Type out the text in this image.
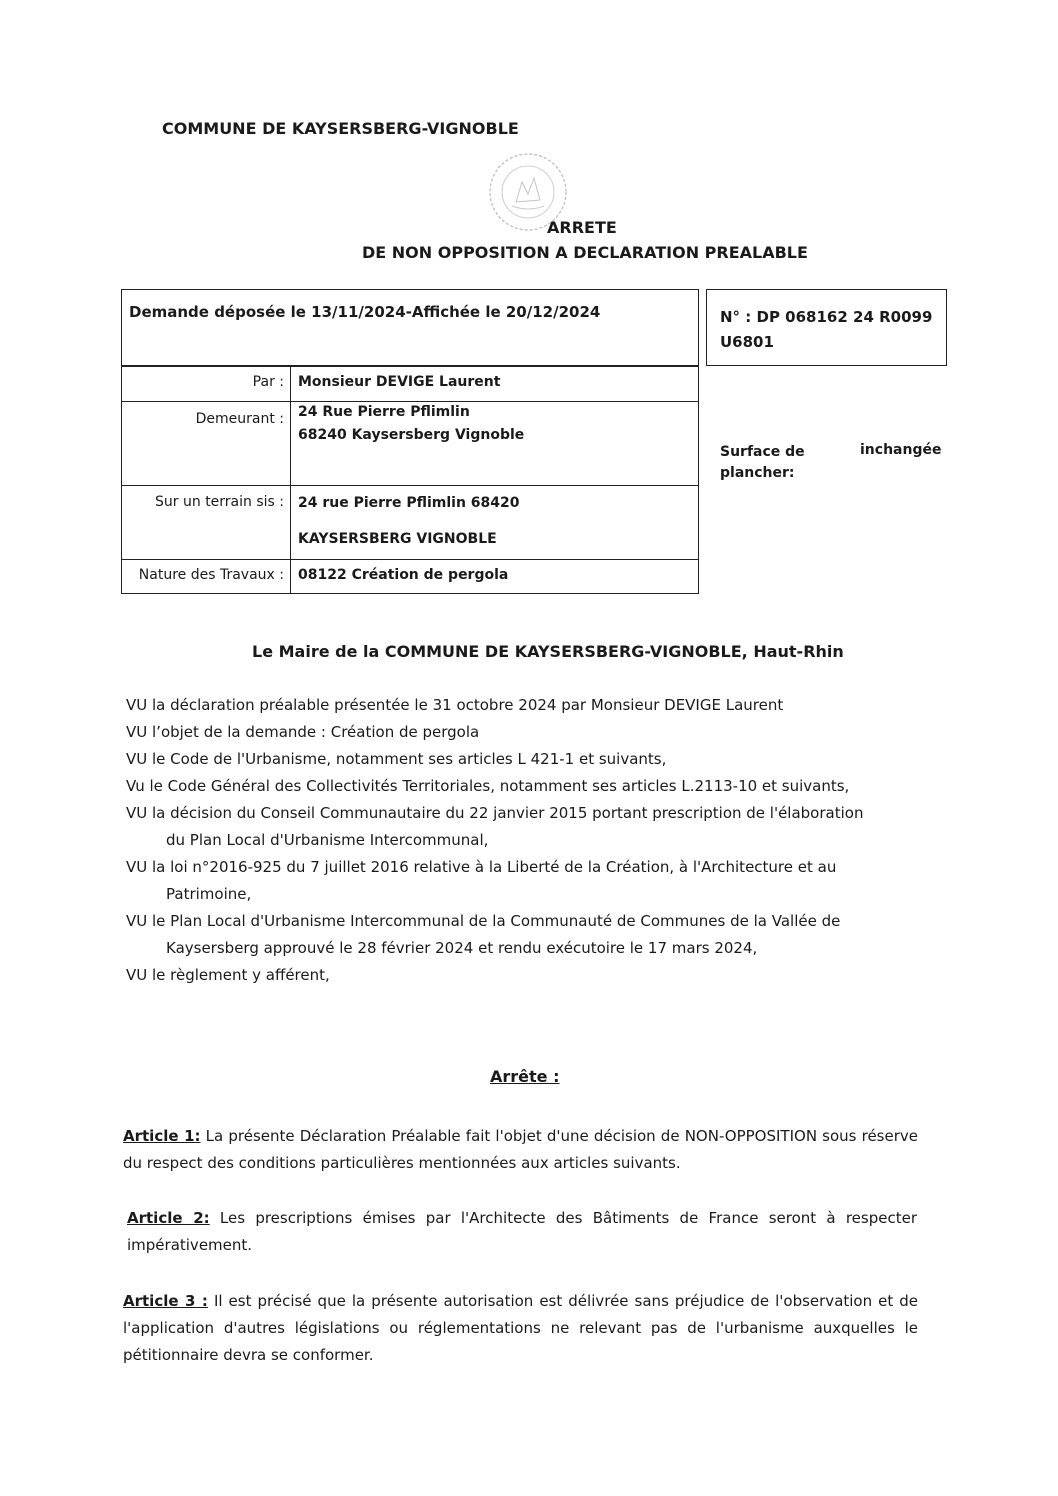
COMMUNE DE KAYSERSBERG-VIGNOBLE
ARRETE
DE NON OPPOSITION A DECLARATION PREALABLE
Demande déposée le 13/11/2024-Affichée le 20/12/2024	N° : DP 068162 24 R0099
U6801
Par : Monsieur DEVIGE Laurent
Demeurant : 24 Rue Pierre Pflimlin
68240 Kaysersberg Vignoble
Sur un terrain sis : 24 rue Pierre Pflimlin 68420
KAYSERSBERG VIGNOBLE
Nature des Travaux : 08122 Création de pergola
Surface de
plancher:
inchangée
Le Maire de la COMMUNE DE KAYSERSBERG-VIGNOBLE, Haut-Rhin

VU la déclaration préalable présentée le 31 octobre 2024 par Monsieur DEVIGE Laurent

VU l’objet de la demande : Création de pergola

VU le Code de l'Urbanisme, notamment ses articles L 421-1 et suivants,

Vu le Code Général des Collectivités Territoriales, notamment ses articles L.2113-10 et suivants,

VU la décision du Conseil Communautaire du 22 janvier 2015 portant prescription de l'élaboration

du Plan Local d'Urbanisme Intercommunal,

VU la loi n°2016-925 du 7 juillet 2016 relative à la Liberté de la Création, à l'Architecture et au

Patrimoine,

VU le Plan Local d'Urbanisme Intercommunal de la Communauté de Communes de la Vallée de

Kaysersberg approuvé le 28 février 2024 et rendu exécutoire le 17 mars 2024,

VU le règlement y afférent,

Arrête :
Article 1: La présente Déclaration Préalable fait l'objet d'une décision de NON-OPPOSITION sous réserve du respect des conditions particulières mentionnées aux articles suivants.
Article 2: Les prescriptions émises par l'Architecte des Bâtiments de France seront à respecter impérativement.
Article 3 : Il est précisé que la présente autorisation est délivrée sans préjudice de l'observation et de l'application d'autres législations ou réglementations ne relevant pas de l'urbanisme auxquelles le pétitionnaire devra se conformer.
